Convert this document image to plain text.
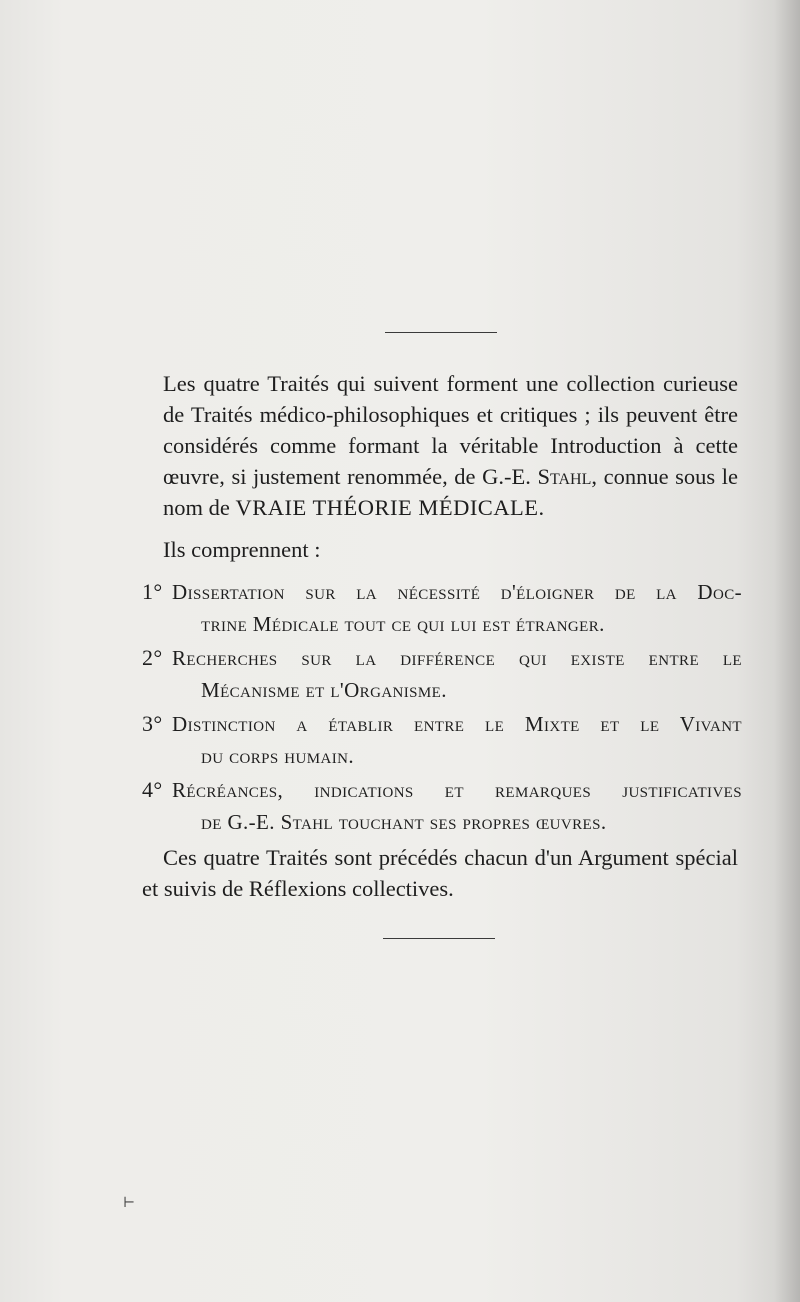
Les quatre Traités qui suivent forment une collection curieuse de Traités médico-philosophiques et critiques ; ils peuvent être considérés comme formant la véritable Introduction à cette œuvre, si justement renommée, de G.-E. Stahl, connue sous le nom de VRAIE THÉORIE MÉDICALE.

Ils comprennent :

1° Dissertation sur la nécessité d'éloigner de la Doc-
trine Médicale tout ce qui lui est étranger.
2° Recherches sur la différence qui existe entre le
Mécanisme et l'Organisme.
3° Distinction a établir entre le Mixte et le Vivant
du corps humain.
4° Récréances, indications et remarques justificatives
de G.-E. Stahl touchant ses propres œuvres.

Ces quatre Traités sont précédés chacun d'un Argument spécial
et suivis de Réflexions collectives.

⊢
